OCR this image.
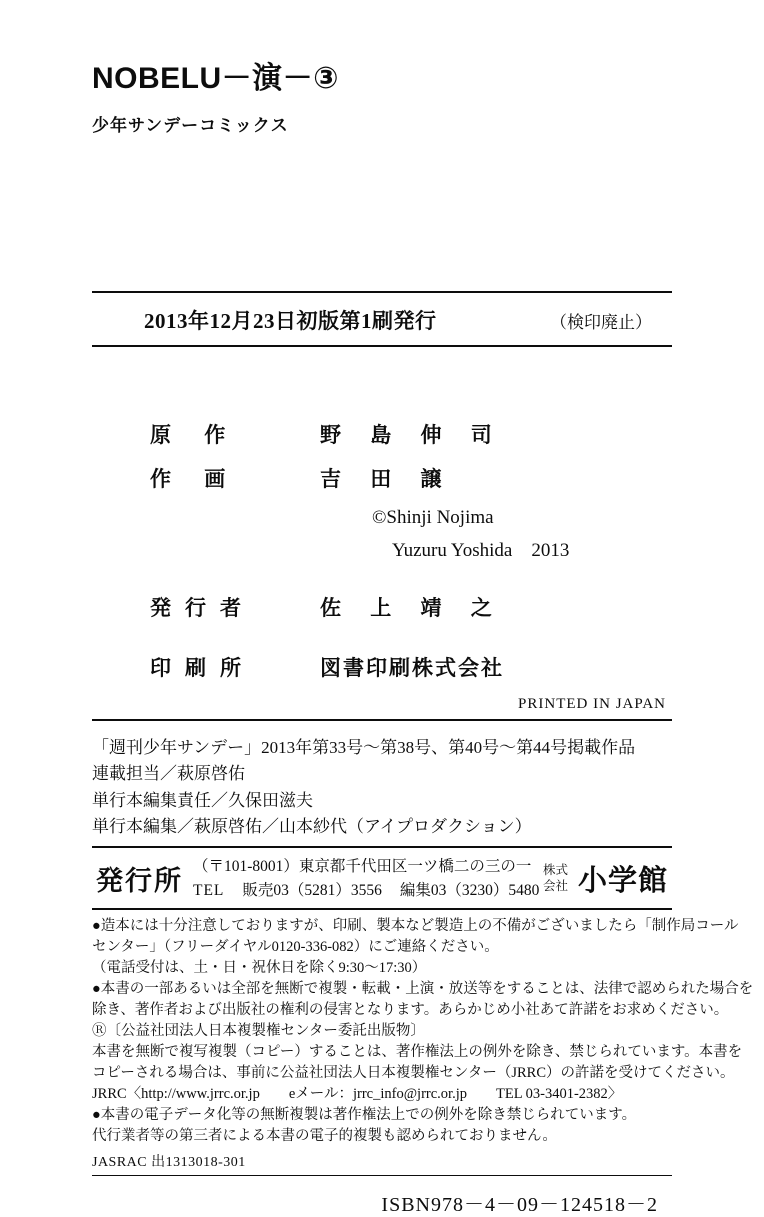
NOBELU－演－③
少年サンデーコミックス
2013年12月23日初版第1刷発行	（検印廃止）
原 作	野 島 伸 司
作 画	吉 田 譲
©Shinji Nojima
Yuzuru Yoshida　2013
発行者	佐 上 靖 之
印刷所	図書印刷株式会社
PRINTED IN JAPAN
「週刊少年サンデー」2013年第33号〜第38号、第40号〜第44号掲載作品
連載担当／萩原啓佑
単行本編集責任／久保田滋夫
単行本編集／萩原啓佑／山本紗代（アイプロダクション）
発行所 （〒101-8001）東京都千代田区一ツ橋二の三の一
TEL 販売03（5281）3556 編集03（3230）5480
株式
会社 小学館
●造本には十分注意しておりますが、印刷、製本など製造上の不備がございましたら「制作局コール
センター」（フリーダイヤル0120-336-082）にご連絡ください。
（電話受付は、土・日・祝休日を除く9:30〜17:30）
●本書の一部あるいは全部を無断で複製・転載・上演・放送等をすることは、法律で認められた場合を
除き、著作者および出版社の権利の侵害となります。あらかじめ小社あて許諾をお求めください。
Ⓡ〔公益社団法人日本複製権センター委託出版物〕
本書を無断で複写複製（コピー）することは、著作権法上の例外を除き、禁じられています。本書を
コピーされる場合は、事前に公益社団法人日本複製権センター（JRRC）の許諾を受けてください。
JRRC〈http://www.jrrc.or.jp　　eメール：jrrc_info@jrrc.or.jp　　TEL 03-3401-2382〉
●本書の電子データ化等の無断複製は著作権法上での例外を除き禁じられています。
代行業者等の第三者による本書の電子的複製も認められておりません。
JASRAC 出1313018-301
ISBN978－4－09－124518－2
